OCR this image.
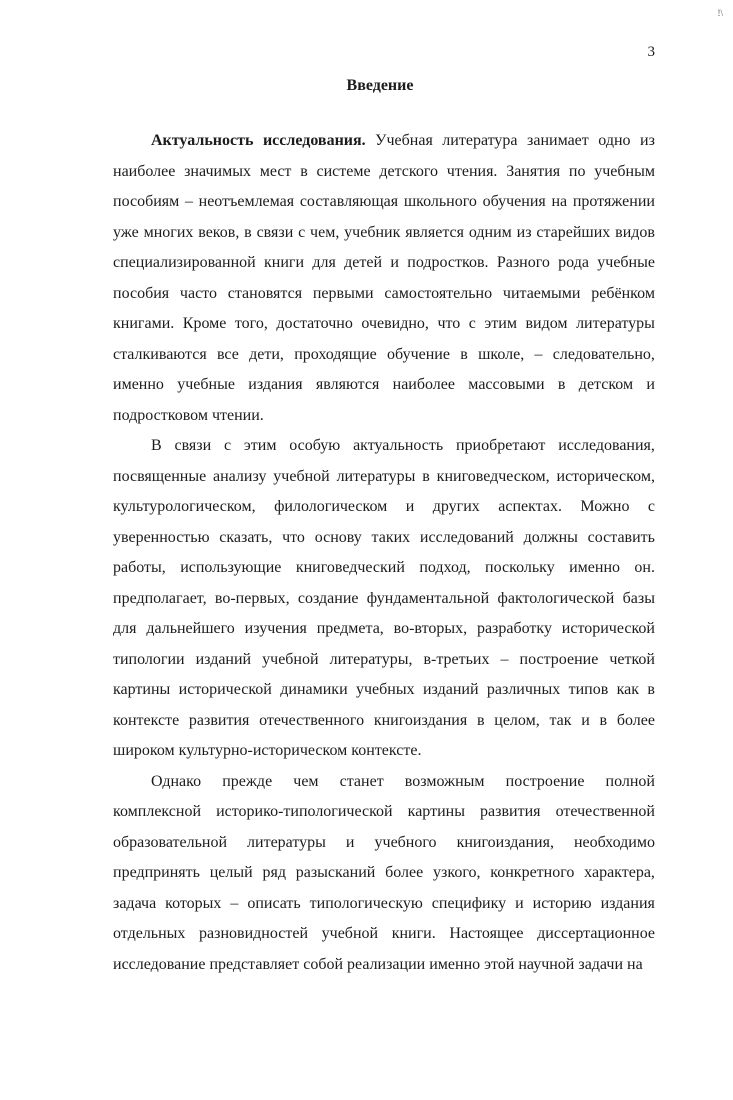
!\
3
Введение
Актуальность исследования. Учебная литература занимает одно из
наиболее значимых мест в системе детского чтения. Занятия по учебным
пособиям – неотъемлемая составляющая школьного обучения на протяжении
уже многих веков, в связи с чем, учебник является одним из старейших видов
специализированной книги для детей и подростков. Разного рода учебные
пособия часто становятся первыми самостоятельно читаемыми ребёнком
книгами. Кроме того, достаточно очевидно, что с этим видом литературы
сталкиваются все дети, проходящие обучение в школе, – следовательно,
именно учебные издания являются наиболее массовыми в детском и
подростковом чтении.
В связи с этим особую актуальность приобретают исследования,
посвященные анализу учебной литературы в книговедческом, историческом,
культурологическом, филологическом и других аспектах. Можно с
уверенностью сказать, что основу таких исследований должны составить
работы, использующие книговедческий подход, поскольку именно он.
предполагает, во-первых, создание фундаментальной фактологической базы
для дальнейшего изучения предмета, во-вторых, разработку исторической
типологии изданий учебной литературы, в-третьих – построение четкой
картины исторической динамики учебных изданий различных типов как в
контексте развития отечественного книгоиздания в целом, так и в более
широком культурно-историческом контексте.
Однако прежде чем станет возможным построение полной
комплексной историко-типологической картины развития отечественной
образовательной литературы и учебного книгоиздания, необходимо
предпринять целый ряд разысканий более узкого, конкретного характера,
задача которых – описать типологическую специфику и историю издания
отдельных разновидностей учебной книги. Настоящее диссертационное
исследование представляет собой реализации именно этой научной задачи на
